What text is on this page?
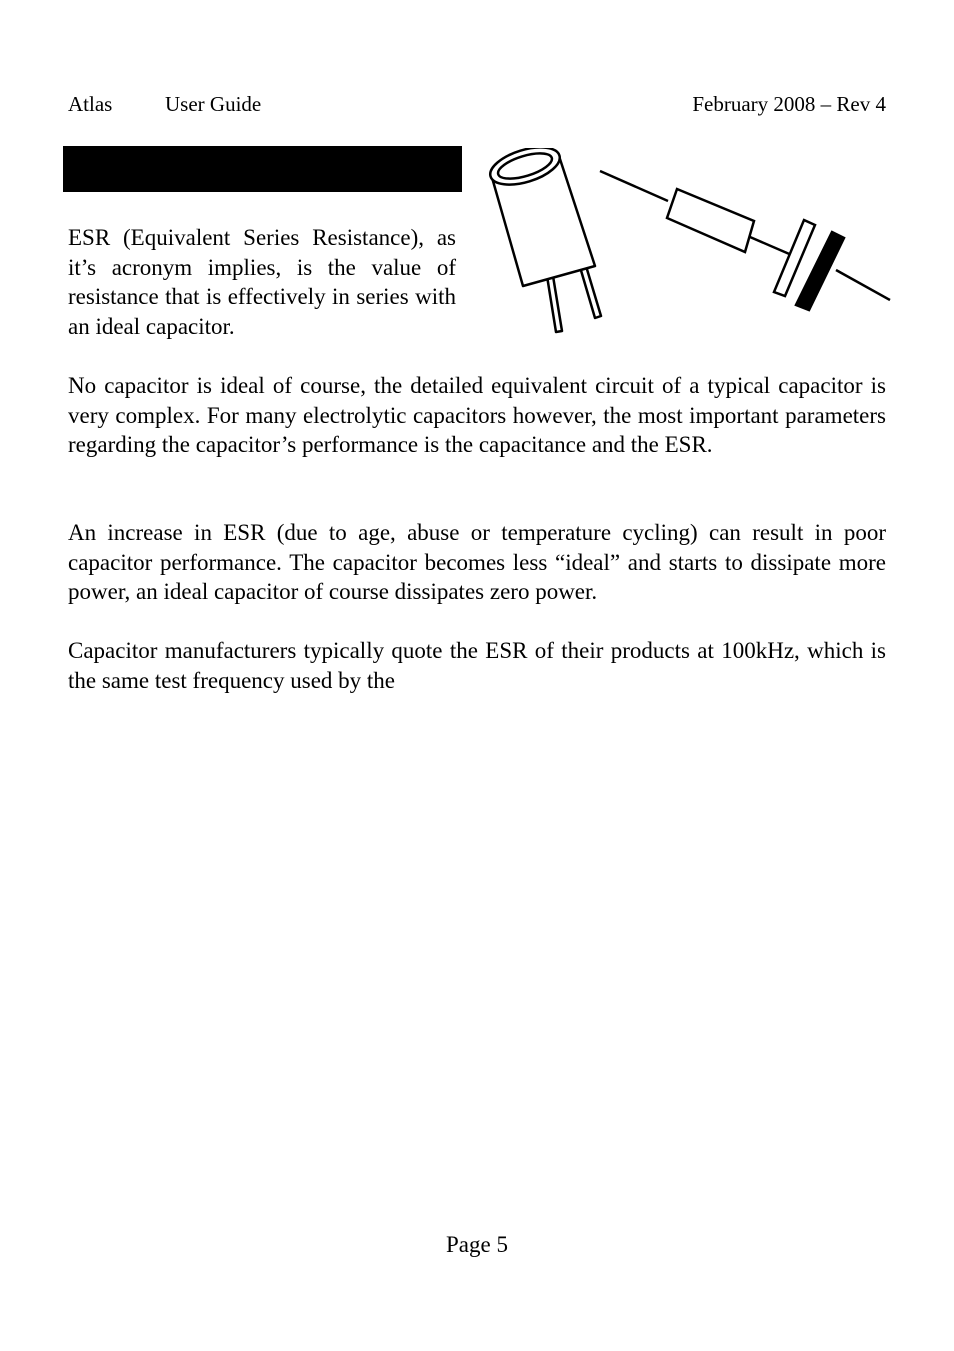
Atlas	User Guide	February 2008 – Rev 4

ESR (Equivalent Series Resistance), as it’s acronym implies, is the value of resistance that is effectively in series with an ideal capacitor.

No capacitor is ideal of course, the detailed equivalent circuit of a typical capacitor is very complex. For many electrolytic capacitors however, the most important parameters regarding the capacitor’s performance is the capacitance and the ESR.

An increase in ESR (due to age, abuse or temperature cycling) can result in poor capacitor performance. The capacitor becomes less “ideal” and starts to dissipate more power, an ideal capacitor of course dissipates zero power.

Capacitor manufacturers typically quote the ESR of their products at 100kHz, which is the same test frequency used by the

Page 5
